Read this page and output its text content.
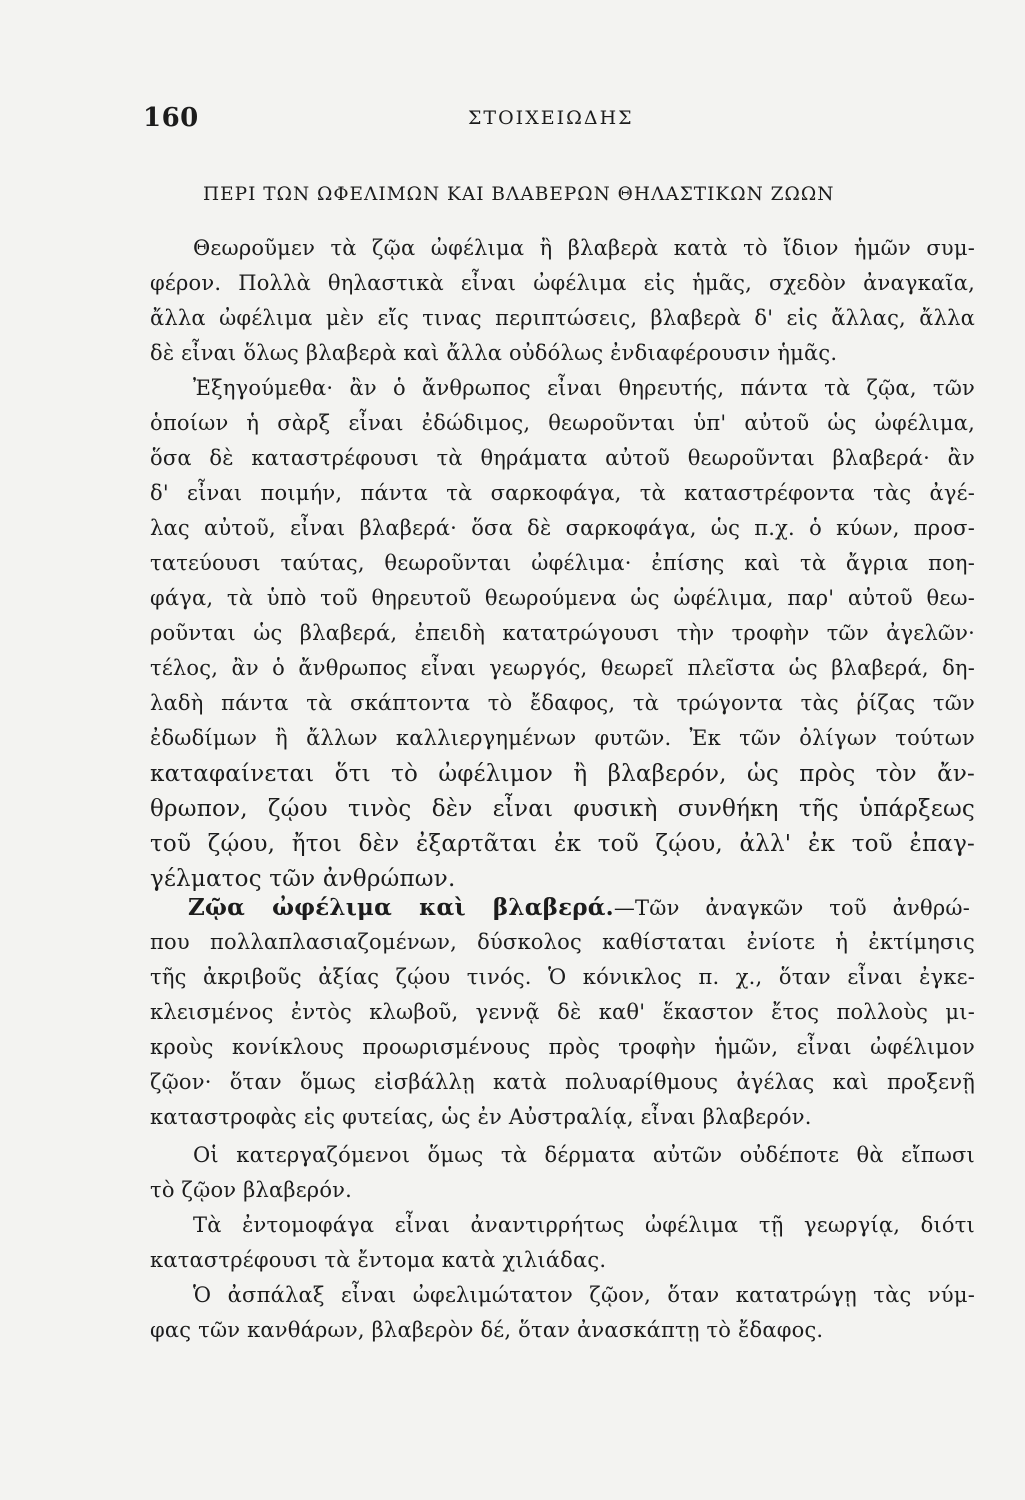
160	ΣΤΟΙΧΕΙΩΔΗΣ
ΠΕΡΙ ΤΩΝ ΩΦΕΛΙΜΩΝ ΚΑΙ ΒΛΑΒΕΡΩΝ ΘΗΛΑΣΤΙΚΩΝ ΖΩΩΝ
Θεωροῦμεν τὰ ζῷα ὠφέλιμα ἢ βλαβερὰ κατὰ τὸ ἴδιον ἡμῶν συμ-
φέρον. Πολλὰ θηλαστικὰ εἶναι ὠφέλιμα εἰς ἡμᾶς, σχεδὸν ἀναγκαῖα,
ἄλλα ὠφέλιμα μὲν εἴς τινας περιπτώσεις, βλαβερὰ δ' εἰς ἄλλας, ἄλλα
δὲ εἶναι ὅλως βλαβερὰ καὶ ἄλλα οὐδόλως ἐνδιαφέρουσιν ἡμᾶς.
Ἐξηγούμεθα· ἂν ὁ ἄνθρωπος εἶναι θηρευτής, πάντα τὰ ζῷα, τῶν
ὁποίων ἡ σὰρξ εἶναι ἐδώδιμος, θεωροῦνται ὑπ' αὐτοῦ ὡς ὠφέλιμα,
ὅσα δὲ καταστρέφουσι τὰ θηράματα αὐτοῦ θεωροῦνται βλαβερά· ἂν
δ' εἶναι ποιμήν, πάντα τὰ σαρκοφάγα, τὰ καταστρέφοντα τὰς ἀγέ-
λας αὐτοῦ, εἶναι βλαβερά· ὅσα δὲ σαρκοφάγα, ὡς π.χ. ὁ κύων, προσ-
τατεύουσι ταύτας, θεωροῦνται ὠφέλιμα· ἐπίσης καὶ τὰ ἄγρια ποη-
φάγα, τὰ ὑπὸ τοῦ θηρευτοῦ θεωρούμενα ὡς ὠφέλιμα, παρ' αὐτοῦ θεω-
ροῦνται ὡς βλαβερά, ἐπειδὴ κατατρώγουσι τὴν τροφὴν τῶν ἀγελῶν·
τέλος, ἂν ὁ ἄνθρωπος εἶναι γεωργός, θεωρεῖ πλεῖστα ὡς βλαβερά, δη-
λαδὴ πάντα τὰ σκάπτοντα τὸ ἔδαφος, τὰ τρώγοντα τὰς ῥίζας τῶν
ἐδωδίμων ἢ ἄλλων καλλιεργημένων φυτῶν. Ἐκ τῶν ὀλίγων τούτων
καταφαίνεται ὅτι τὸ ὠφέλιμον ἢ βλαβερόν, ὡς πρὸς τὸν ἄν-
θρωπον, ζῴου τινὸς δὲν εἶναι φυσικὴ συνθήκη τῆς ὑπάρξεως
τοῦ ζῴου, ἤτοι δὲν ἐξαρτᾶται ἐκ τοῦ ζῴου, ἀλλ' ἐκ τοῦ ἐπαγ-
γέλματος τῶν ἀνθρώπων.
Ζῷα ὠφέλιμα καὶ βλαβερά.—Τῶν ἀναγκῶν τοῦ ἀνθρώ-
που πολλαπλασιαζομένων, δύσκολος καθίσταται ἐνίοτε ἡ ἐκτίμησις
τῆς ἀκριβοῦς ἀξίας ζῴου τινός. Ὁ κόνικλος π. χ., ὅταν εἶναι ἐγκε-
κλεισμένος ἐντὸς κλωβοῦ, γεννᾷ δὲ καθ' ἕκαστον ἔτος πολλοὺς μι-
κροὺς κονίκλους προωρισμένους πρὸς τροφὴν ἡμῶν, εἶναι ὠφέλιμον
ζῷον· ὅταν ὅμως εἰσβάλλῃ κατὰ πολυαρίθμους ἀγέλας καὶ προξενῇ
καταστροφὰς εἰς φυτείας, ὡς ἐν Αὐστραλίᾳ, εἶναι βλαβερόν.
Οἱ κατεργαζόμενοι ὅμως τὰ δέρματα αὐτῶν οὐδέποτε θὰ εἴπωσι
τὸ ζῷον βλαβερόν.
Τὰ ἐντομοφάγα εἶναι ἀναντιρρήτως ὠφέλιμα τῇ γεωργίᾳ, διότι
καταστρέφουσι τὰ ἔντομα κατὰ χιλιάδας.
Ὁ ἀσπάλαξ εἶναι ὠφελιμώτατον ζῷον, ὅταν κατατρώγῃ τὰς νύμ-
φας τῶν κανθάρων, βλαβερὸν δέ, ὅταν ἀνασκάπτῃ τὸ ἔδαφος.
